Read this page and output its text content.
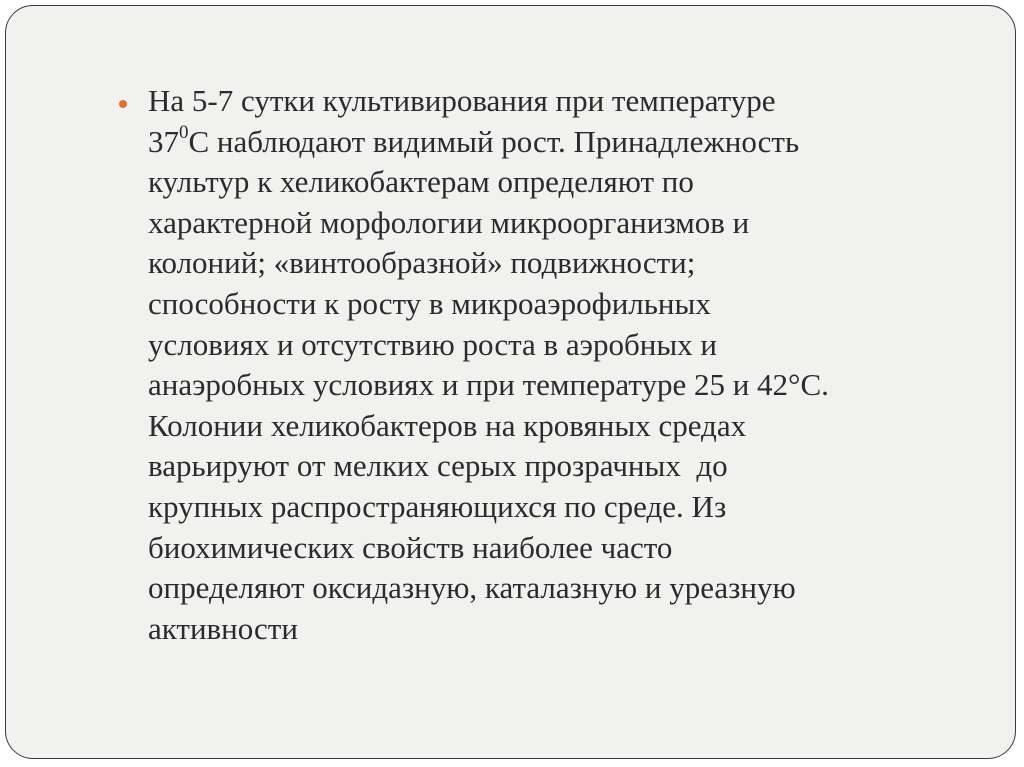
На 5-7 сутки культивирования при температуре
$37^0С$ наблюдают видимый рост. Принадлежность
культур к хеликобактерам определяют по
характерной морфологии микроорганизмов и
колоний; «винтообразной» подвижности;
способности к росту в микроаэрофильных
условиях и отсутствию роста в аэробных и
анаэробных условиях и при температуре 25 и 42°С.
Колонии хеликобактеров на кровяных средах
варьируют от мелких серых прозрачных  до
крупных распространяющихся по среде. Из
биохимических свойств наиболее часто
определяют оксидазную, каталазную и уреазную
активности
